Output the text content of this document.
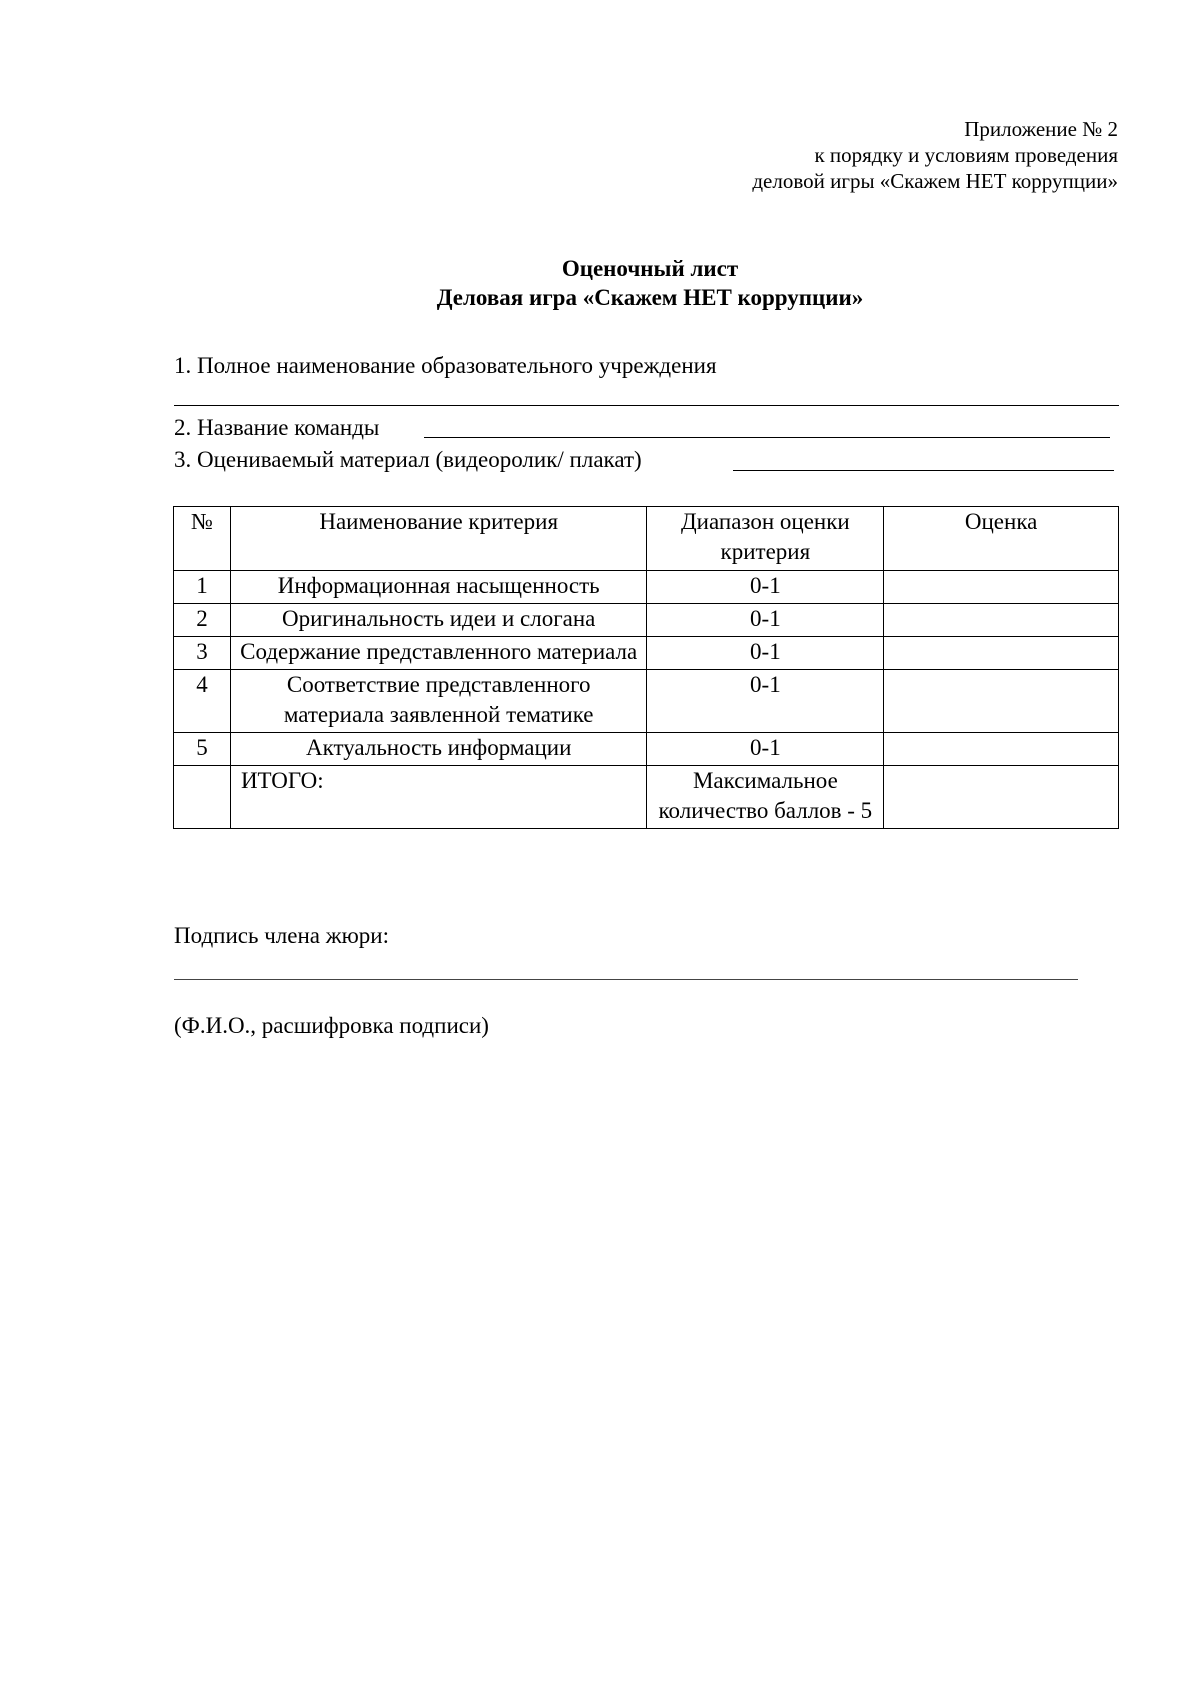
Приложение № 2
к порядку и условиям проведения
деловой игры «Скажем НЕТ коррупции»
Оценочный лист
Деловая игра «Скажем НЕТ коррупции»
1. Полное наименование образовательного учреждения
2. Название команды
3. Оцениваемый материал (видеоролик/ плакат)
№	Наименование критерия	Диапазон оценки критерия	Оценка
1	Информационная насыщенность	0-1	
2	Оригинальность идеи и слогана	0-1	
3	Содержание представленного материала	0-1	
4	Соответствие представленного материала заявленной тематике	0-1	
5	Актуальность информации	0-1	
	ИТОГО:	Максимальное количество баллов - 5	
Подпись члена жюри:
(Ф.И.О., расшифровка подписи)
